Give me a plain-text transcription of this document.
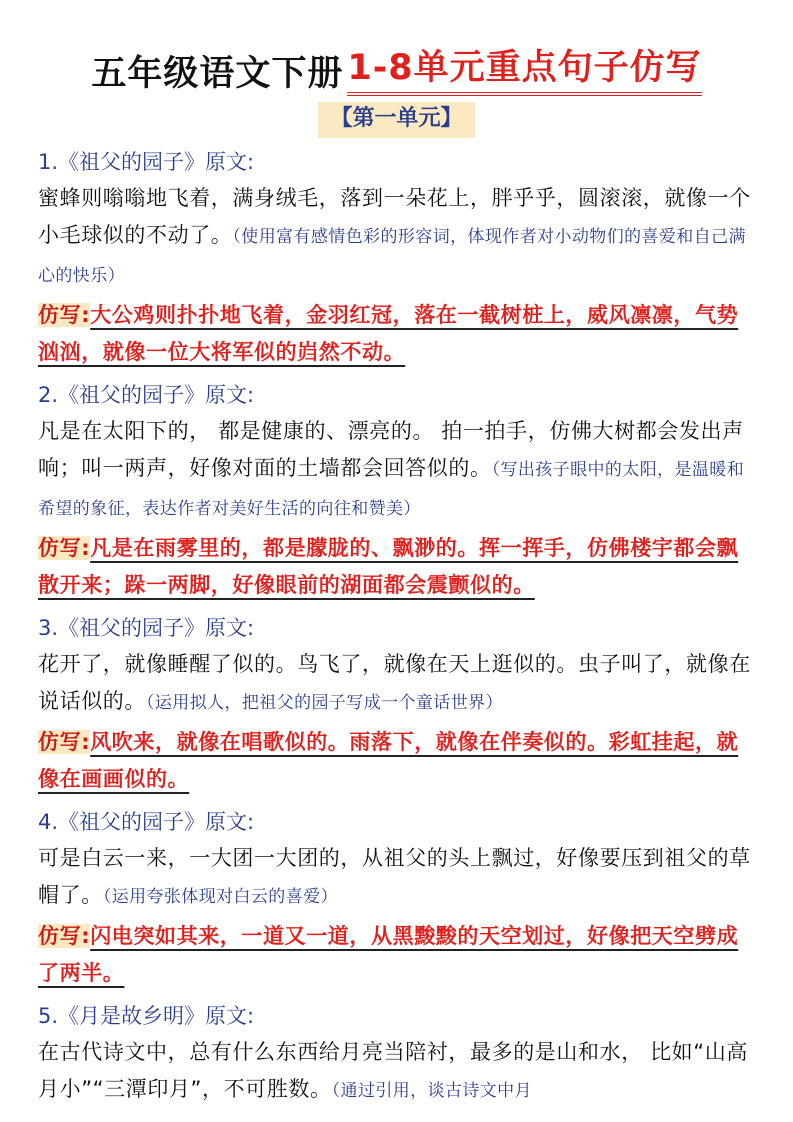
五年级语文下册 1-8单元重点句子仿写
【第一单元】
1.《祖父的园子》原文:
蜜蜂则嗡嗡地飞着，满身绒毛，落到一朵花上，胖乎乎，圆滚滚，就像一个小毛球似的不动了。（使用富有感情色彩的形容词，体现作者对小动物们的喜爱和自己满心的快乐）
仿写:大公鸡则扑扑地飞着，金羽红冠，落在一截树桩上，威风凛凛，气势汹汹，就像一位大将军似的岿然不动。
2.《祖父的园子》原文:
凡是在太阳下的， 都是健康的、漂亮的。 拍一拍手，仿佛大树都会发出声响；叫一两声，好像对面的土墙都会回答似的。（写出孩子眼中的太阳，是温暖和希望的象征，表达作者对美好生活的向往和赞美）
仿写:凡是在雨雾里的，都是朦胧的、飘渺的。挥一挥手，仿佛楼宇都会飘散开来；跺一两脚，好像眼前的湖面都会震颤似的。
3.《祖父的园子》原文:
花开了，就像睡醒了似的。鸟飞了，就像在天上逛似的。虫子叫了，就像在说话似的。（运用拟人，把祖父的园子写成一个童话世界）
仿写:风吹来，就像在唱歌似的。雨落下，就像在伴奏似的。彩虹挂起，就像在画画似的。
4.《祖父的园子》原文:
可是白云一来，一大团一大团的，从祖父的头上飘过，好像要压到祖父的草帽了。（运用夸张体现对白云的喜爱）
仿写:闪电突如其来，一道又一道，从黑黢黢的天空划过，好像把天空劈成了两半。
5.《月是故乡明》原文:
在古代诗文中，总有什么东西给月亮当陪衬，最多的是山和水， 比如“山高月小”“三潭印月”，不可胜数。（通过引用，谈古诗文中月
